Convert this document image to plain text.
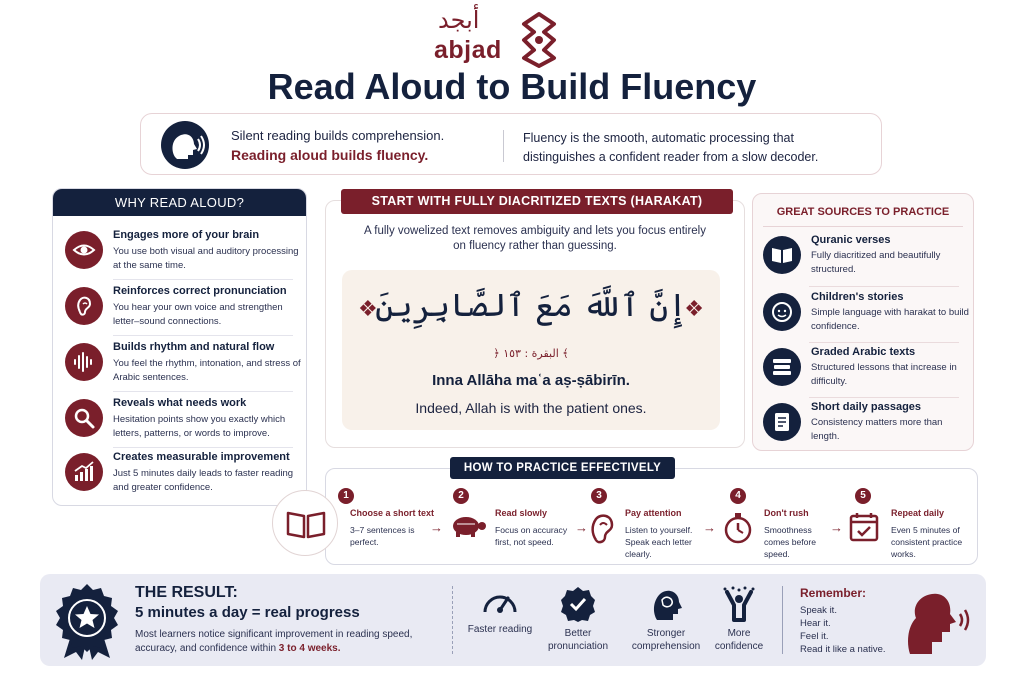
أبجد
abjad
Read Aloud to Build Fluency
Silent reading builds comprehension.
Reading aloud builds fluency.
Fluency is the smooth, automatic processing that distinguishes a confident reader from a slow decoder.
WHY READ ALOUD?
Engages more of your brain
You use both visual and auditory processing at the same time.
Reinforces correct pronunciation
You hear your own voice and strengthen letter–sound connections.
Builds rhythm and natural flow
You feel the rhythm, intonation, and stress of Arabic sentences.
Reveals what needs work
Hesitation points show you exactly which letters, patterns, or words to improve.
Creates measurable improvement
Just 5 minutes daily leads to faster reading and greater confidence.
START WITH FULLY DIACRITIZED TEXTS (HARAKAT)
A fully vowelized text removes ambiguity and lets you focus entirely on fluency rather than guessing.
❖
إِنَّ ٱللَّهَ مَعَ ٱلصَّابِرِينَ
❖
﴿ البقرة : ١٥٣ ﴾
Inna Allāha maʿa aṣ-ṣābirīn.
Indeed, Allah is with the patient ones.
GREAT SOURCES TO PRACTICE
Quranic verses
Fully diacritized and beautifully structured.
Children's stories
Simple language with harakat to build confidence.
Graded Arabic texts
Structured lessons that increase in difficulty.
Short daily passages
Consistency matters more than length.
HOW TO PRACTICE EFFECTIVELY
1
Choose a short text
3–7 sentences is perfect.
→
2
Read slowly
Focus on accuracy first, not speed.
→
3
Pay attention
Listen to yourself. Speak each letter clearly.
→
4
Don't rush
Smoothness comes before speed.
→
5
Repeat daily
Even 5 minutes of consistent practice works.
THE RESULT:
5 minutes a day = real progress
Most learners notice significant improvement in reading speed, accuracy, and confidence within 3 to 4 weeks.
Faster reading	Better pronunciation
Stronger comprehension
More confidence
Remember:
Speak it.
Hear it.
Feel it.
Read it like a native.
